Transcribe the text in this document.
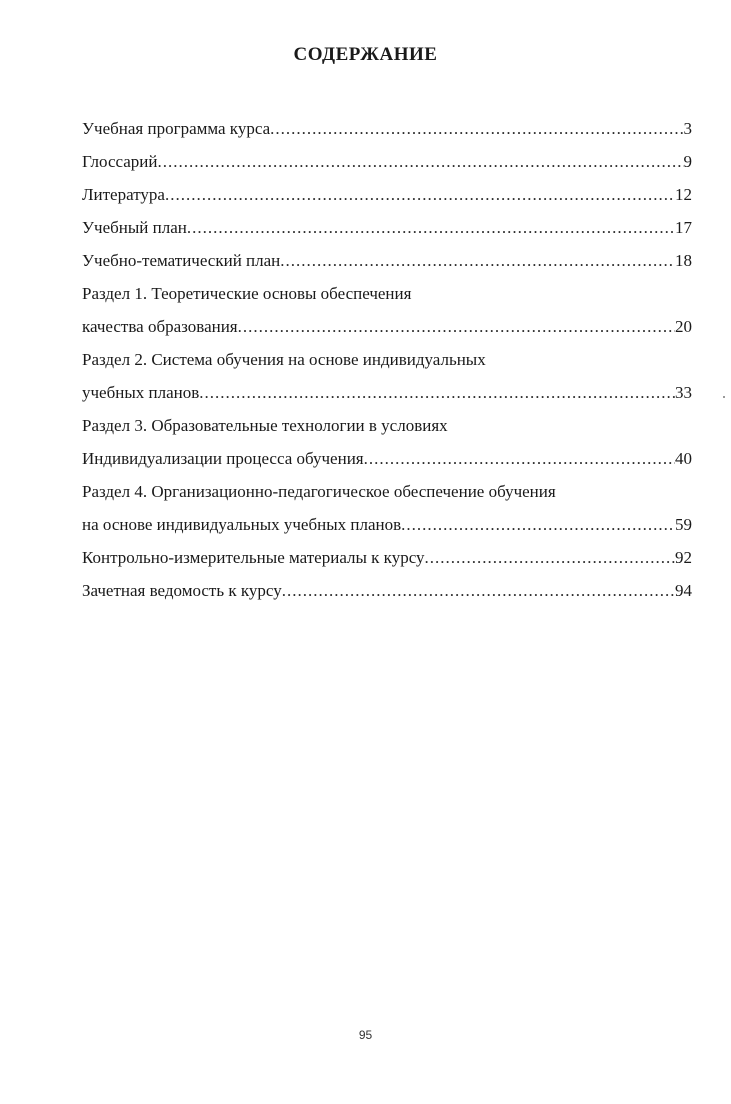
СОДЕРЖАНИЕ
Учебная программа курса .....	3
Глоссарий .....	9
Литература .....	12
Учебный план .....	17
Учебно-тематический план .....	18
Раздел 1. Теоретические основы обеспечения
качества образования .....	20
Раздел 2. Система обучения на основе индивидуальных
учебных планов .....	33
Раздел 3. Образовательные технологии в условиях
Индивидуализации процесса обучения .....	40
Раздел 4. Организационно-педагогическое обеспечение обучения
на основе индивидуальных учебных планов .....	59
Контрольно-измерительные материалы к курсу .....	92
Зачетная ведомость к курсу .....	94
95
